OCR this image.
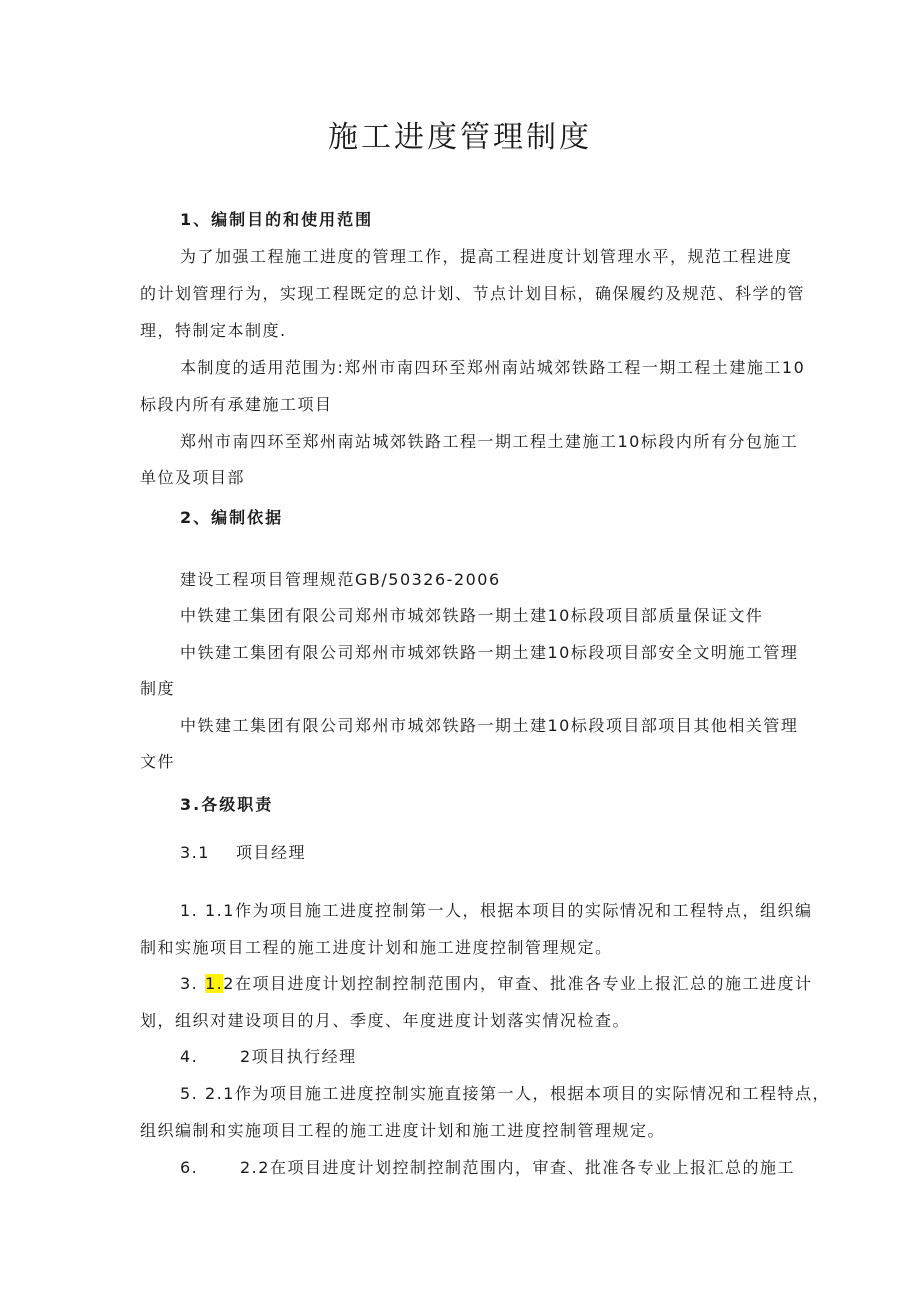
施工进度管理制度
1、编制目的和使用范围
为了加强工程施工进度的管理工作，提高工程进度计划管理水平，规范工程进度
的计划管理行为，实现工程既定的总计划、节点计划目标，确保履约及规范、科学的管
理，特制定本制度.
本制度的适用范围为:郑州市南四环至郑州南站城郊铁路工程一期工程土建施工10
标段内所有承建施工项目
郑州市南四环至郑州南站城郊铁路工程一期工程土建施工10标段内所有分包施工
单位及项目部
2、编制依据
建设工程项目管理规范GB/50326-2006
中铁建工集团有限公司郑州市城郊铁路一期土建10标段项目部质量保证文件
中铁建工集团有限公司郑州市城郊铁路一期土建10标段项目部安全文明施工管理
制度
中铁建工集团有限公司郑州市城郊铁路一期土建10标段项目部项目其他相关管理
文件
3.各级职责
3.1 项目经理
1. 1.1作为项目施工进度控制第一人，根据本项目的实际情况和工程特点，组织编
制和实施项目工程的施工进度计划和施工进度控制管理规定。
3. 1.2在项目进度计划控制控制范围内，审查、批准各专业上报汇总的施工进度计
划，组织对建设项目的月、季度、年度进度计划落实情况检查。
4.	2项目执行经理
5. 2.1作为项目施工进度控制实施直接第一人，根据本项目的实际情况和工程特点，
组织编制和实施项目工程的施工进度计划和施工进度控制管理规定。
6.	2.2在项目进度计划控制控制范围内，审查、批准各专业上报汇总的施工
